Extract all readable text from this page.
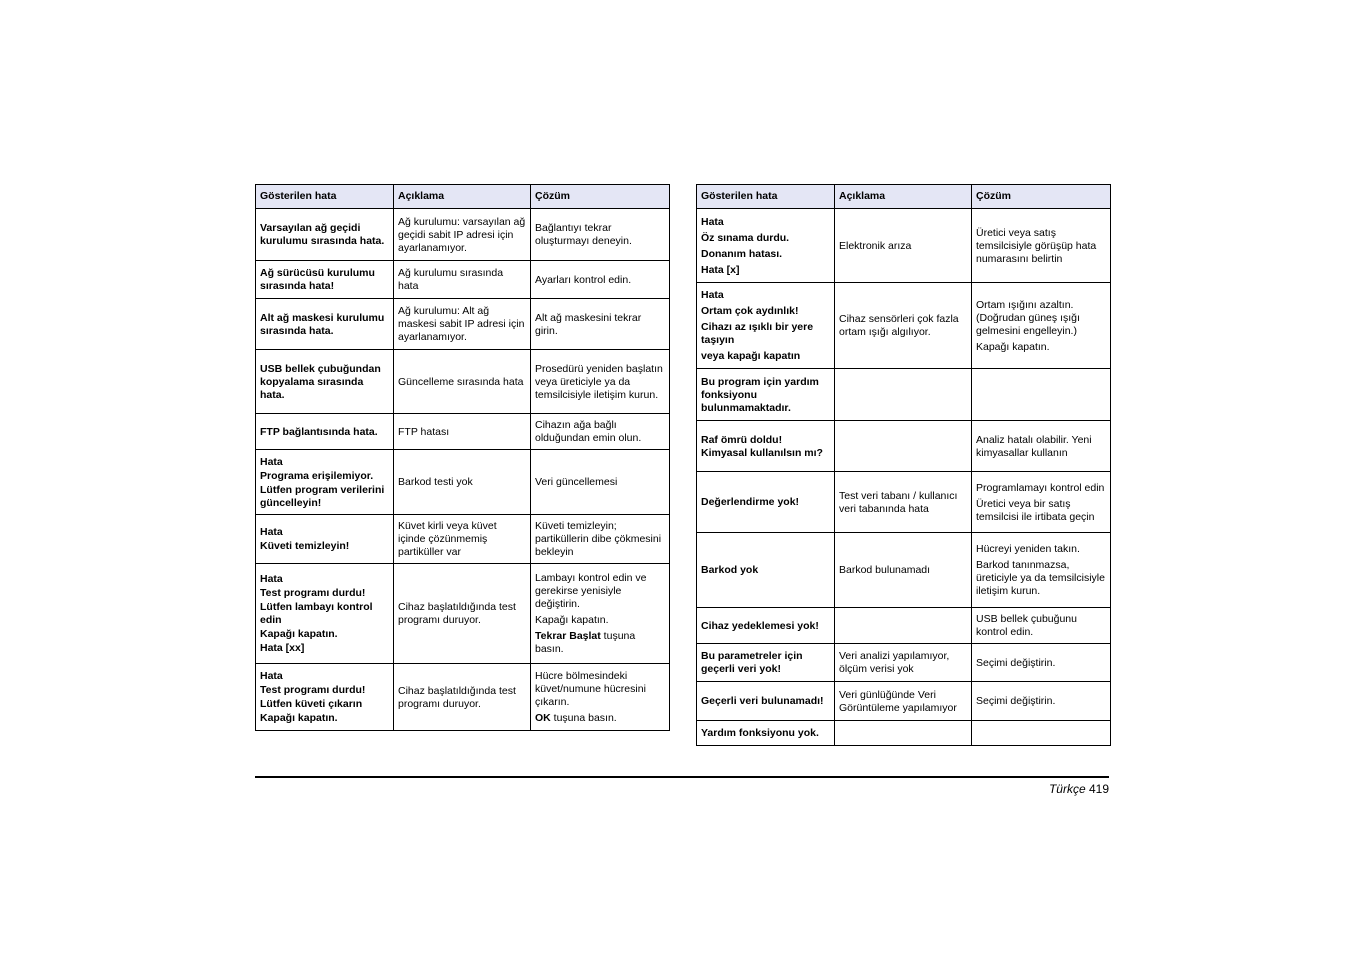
Gösterilen hata	Açıklama	Çözüm

Varsayılan ağ geçidi kurulumu sırasında hata.	Ağ kurulumu: varsayılan ağ geçidi sabit IP adresi için ayarlanamıyor.	Bağlantıyı tekrar oluşturmayı deneyin.

Ağ sürücüsü kurulumu sırasında hata!	Ağ kurulumu sırasında hata	Ayarları kontrol edin.

Alt ağ maskesi kurulumu sırasında hata.	Ağ kurulumu: Alt ağ maskesi sabit IP adresi için ayarlanamıyor.	Alt ağ maskesini tekrar girin.

USB bellek çubuğundan kopyalama sırasında hata.	Güncelleme sırasında hata	Prosedürü yeniden başlatın veya üreticiyle ya da temsilcisiyle iletişim kurun.

FTP bağlantısında hata.	FTP hatası	Cihazın ağa bağlı olduğundan emin olun.

Hata
Programa erişilemiyor.
Lütfen program verilerini güncelleyin!	Barkod testi yok	Veri güncellemesi

Hata
Küveti temizleyin!	Küvet kirli veya küvet içinde çözünmemiş partiküller var	Küveti temizleyin; partiküllerin dibe çökmesini bekleyin

Hata
Test programı durdu!
Lütfen lambayı kontrol edin
Kapağı kapatın.
Hata [xx]	Cihaz başlatıldığında test programı duruyor.	Lambayı kontrol edin ve gerekirse yenisiyle değiştirin.
Kapağı kapatın.
Tekrar Başlat tuşuna basın.

Hata
Test programı durdu!
Lütfen küveti çıkarın
Kapağı kapatın.	Cihaz başlatıldığında test programı duruyor.	Hücre bölmesindeki küvet/numune hücresini çıkarın.
OK tuşuna basın.
Gösterilen hata	Açıklama	Çözüm

Hata
Öz sınama durdu.
Donanım hatası.
Hata [x]	Elektronik arıza	Üretici veya satış temsilcisiyle görüşüp hata numarasını belirtin

Hata
Ortam çok aydınlık!
Cihazı az ışıklı bir yere taşıyın
veya kapağı kapatın	Cihaz sensörleri çok fazla ortam ışığı algılıyor.	Ortam ışığını azaltın. (Doğrudan güneş ışığı gelmesini engelleyin.)
Kapağı kapatın.

Bu program için yardım fonksiyonu bulunmamaktadır.		

Raf ömrü doldu! Kimyasal kullanılsın mı?		Analiz hatalı olabilir. Yeni kimyasallar kullanın

Değerlendirme yok!	Test veri tabanı / kullanıcı veri tabanında hata	Programlamayı kontrol edin
Üretici veya bir satış temsilcisi ile irtibata geçin

Barkod yok	Barkod bulunamadı	Hücreyi yeniden takın.
Barkod tanınmazsa, üreticiyle ya da temsilcisiyle iletişim kurun.

Cihaz yedeklemesi yok!		USB bellek çubuğunu kontrol edin.

Bu parametreler için geçerli veri yok!	Veri analizi yapılamıyor, ölçüm verisi yok	Seçimi değiştirin.

Geçerli veri bulunamadı!	Veri günlüğünde Veri Görüntüleme yapılamıyor	Seçimi değiştirin.

Yardım fonksiyonu yok.		

Türkçe 419
